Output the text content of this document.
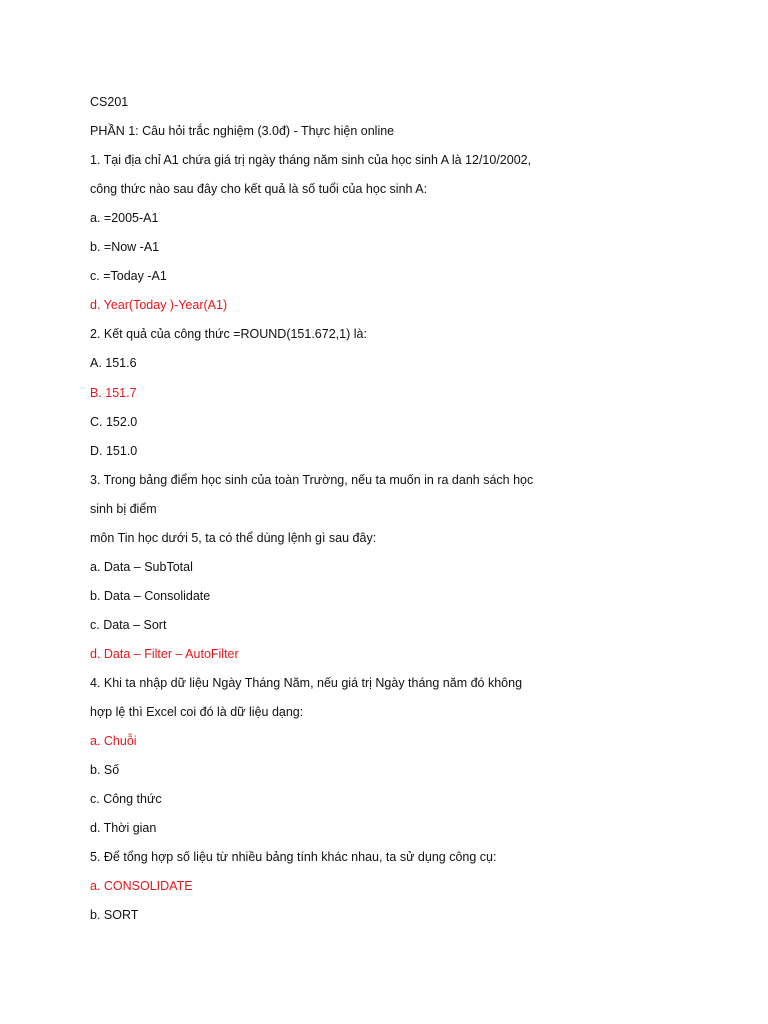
CS201
PHẦN 1: Câu hỏi trắc nghiệm (3.0đ) - Thực hiện online
1. Tại địa chỉ A1 chứa giá trị ngày tháng năm sinh của học sinh A là 12/10/2002,
công thức nào sau đây cho kết quả là số tuổi của học sinh A:
a. =2005-A1
b. =Now -A1
c. =Today -A1
d. Year(Today )-Year(A1)
2. Kết quả của công thức =ROUND(151.672,1) là:
A. 151.6
B. 151.7
C. 152.0
D. 151.0
3. Trong bảng điểm học sinh của toàn Trường, nếu ta muốn in ra danh sách học
sinh bị điểm
môn Tin học dưới 5, ta có thể dùng lệnh gì sau đây:
a. Data – SubTotal
b. Data – Consolidate
c. Data – Sort
d. Data – Filter – AutoFilter
4. Khi ta nhập dữ liệu Ngày Tháng Năm, nếu giá trị Ngày tháng năm đó không
hợp lệ thì Excel coi đó là dữ liệu dạng:
a. Chuỗi
b. Số
c. Công thức
d. Thời gian
5. Để tổng hợp số liệu từ nhiều bảng tính khác nhau, ta sử dụng công cụ:
a. CONSOLIDATE
b. SORT
